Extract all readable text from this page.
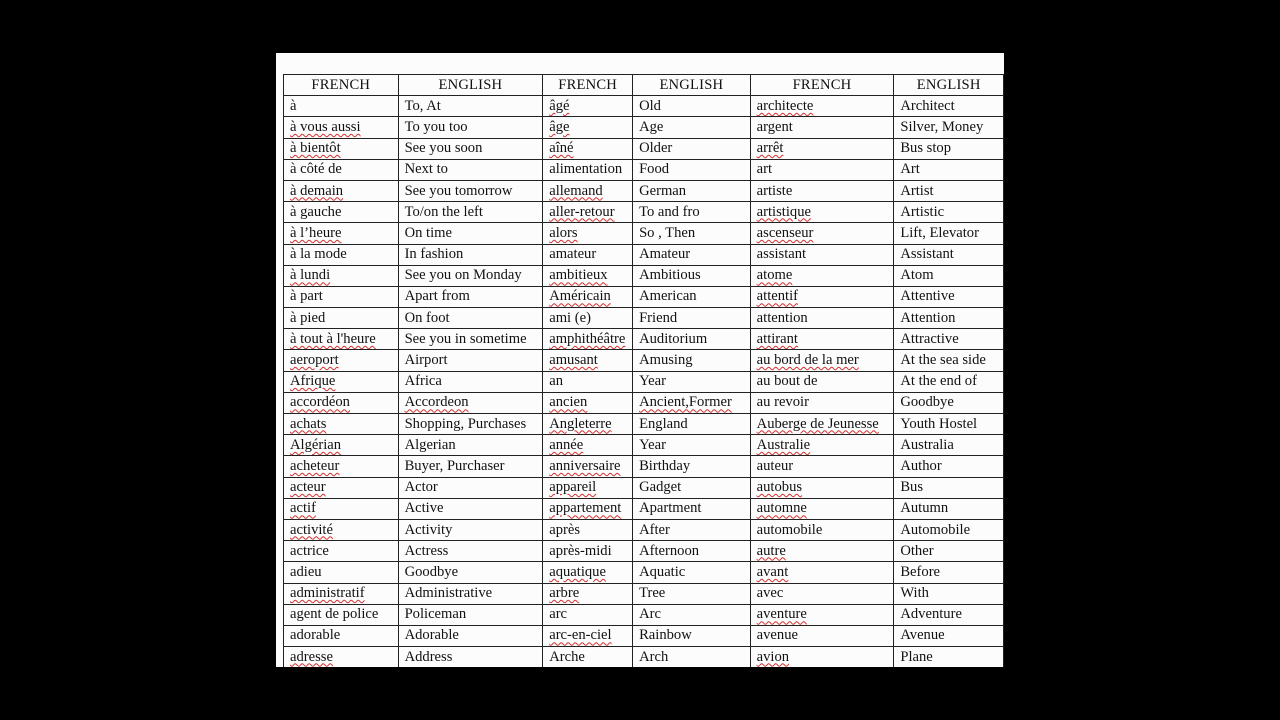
FRENCH	ENGLISH	FRENCH	ENGLISH	FRENCH	ENGLISH
à	To, At	âgé	Old	architecte	Architect
à vous aussi	To you too	âge	Age	argent	Silver, Money
à bientôt	See you soon	aîné	Older	arrêt	Bus stop
à côté de	Next to	alimentation	Food	art	Art
à demain	See you tomorrow	allemand	German	artiste	Artist
à gauche	To/on the left	aller-retour	To and fro	artistique	Artistic
à l’heure	On time	alors	So , Then	ascenseur	Lift, Elevator
à la mode	In fashion	amateur	Amateur	assistant	Assistant
à lundi	See you on Monday	ambitieux	Ambitious	atome	Atom
à part	Apart from	Américain	American	attentif	Attentive
à pied	On foot	ami (e)	Friend	attention	Attention
à tout à l'heure	See you in sometime	amphithéâtre	Auditorium	attirant	Attractive
aeroport	Airport	amusant	Amusing	au bord de la mer	At the sea side
Afrique	Africa	an	Year	au bout de	At the end of
accordéon	Accordeon	ancien	Ancient,Former	au revoir	Goodbye
achats	Shopping, Purchases	Angleterre	England	Auberge de Jeunesse	Youth Hostel
Algérian	Algerian	année	Year	Australie	Australia
acheteur	Buyer, Purchaser	anniversaire	Birthday	auteur	Author
acteur	Actor	appareil	Gadget	autobus	Bus
actif	Active	appartement	Apartment	automne	Autumn
activité	Activity	après	After	automobile	Automobile
actrice	Actress	après-midi	Afternoon	autre	Other
adieu	Goodbye	aquatique	Aquatic	avant	Before
administratif	Administrative	arbre	Tree	avec	With
agent de police	Policeman	arc	Arc	aventure	Adventure
adorable	Adorable	arc-en-ciel	Rainbow	avenue	Avenue
adresse	Address	Arche	Arch	avion	Plane
